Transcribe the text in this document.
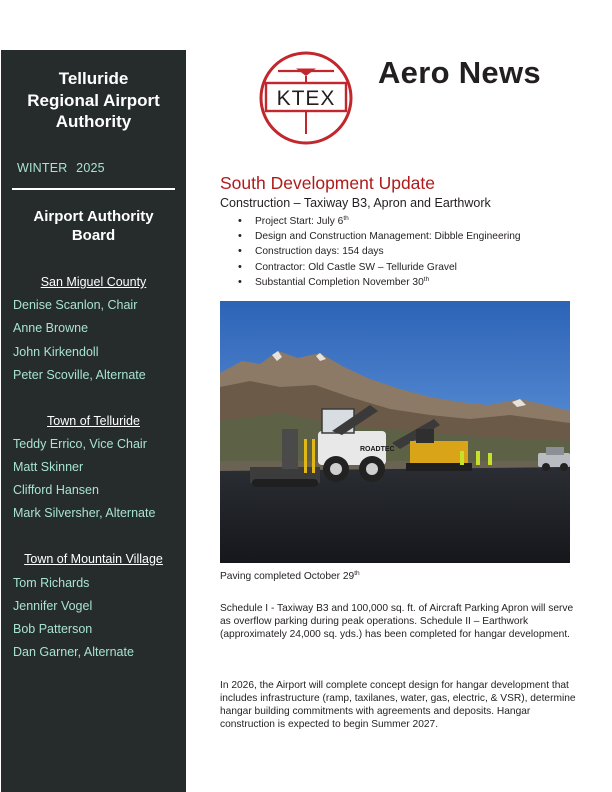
Telluride
Regional Airport
Authority
WINTER 2025
Airport Authority
Board
San Miguel County
Denise Scanlon, Chair
Anne Browne
John Kirkendoll
Peter Scoville, Alternate
Town of Telluride
Teddy Errico, Vice Chair
Matt Skinner
Clifford Hansen
Mark Silversher, Alternate
Town of Mountain Village
Tom Richards
Jennifer Vogel
Bob Patterson
Dan Garner, Alternate
KTEX
Aero News
South Development Update
Construction – Taxiway B3, Apron and Earthwork
• Project Start: July 6th
• Design and Construction Management: Dibble Engineering
• Construction days: 154 days
• Contractor: Old Castle SW – Telluride Gravel
• Substantial Completion November 30th
ROADTEC
Paving completed October 29th

Schedule I - Taxiway B3 and 100,000 sq. ft. of Aircraft Parking Apron will serve as overflow parking during peak operations. Schedule II – Earthwork (approximately 24,000 sq. yds.) has been completed for hangar development.

In 2026, the Airport will complete concept design for hangar development that includes infrastructure (ramp, taxilanes, water, gas, electric, & VSR), determine hangar building commitments with agreements and deposits. Hangar construction is expected to begin Summer 2027.
